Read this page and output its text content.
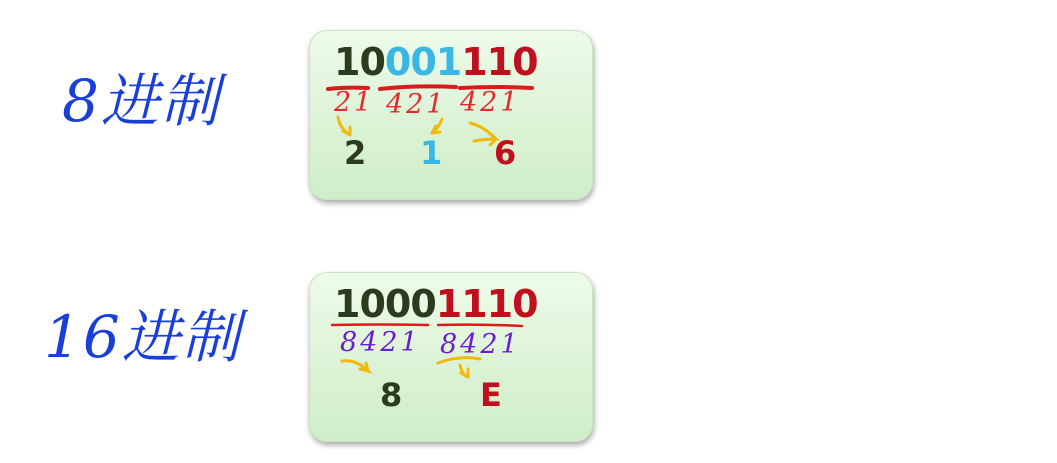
8进制
16进制
10001110
21 421 421
2 1 6
10001110
8421 8421
8 E
